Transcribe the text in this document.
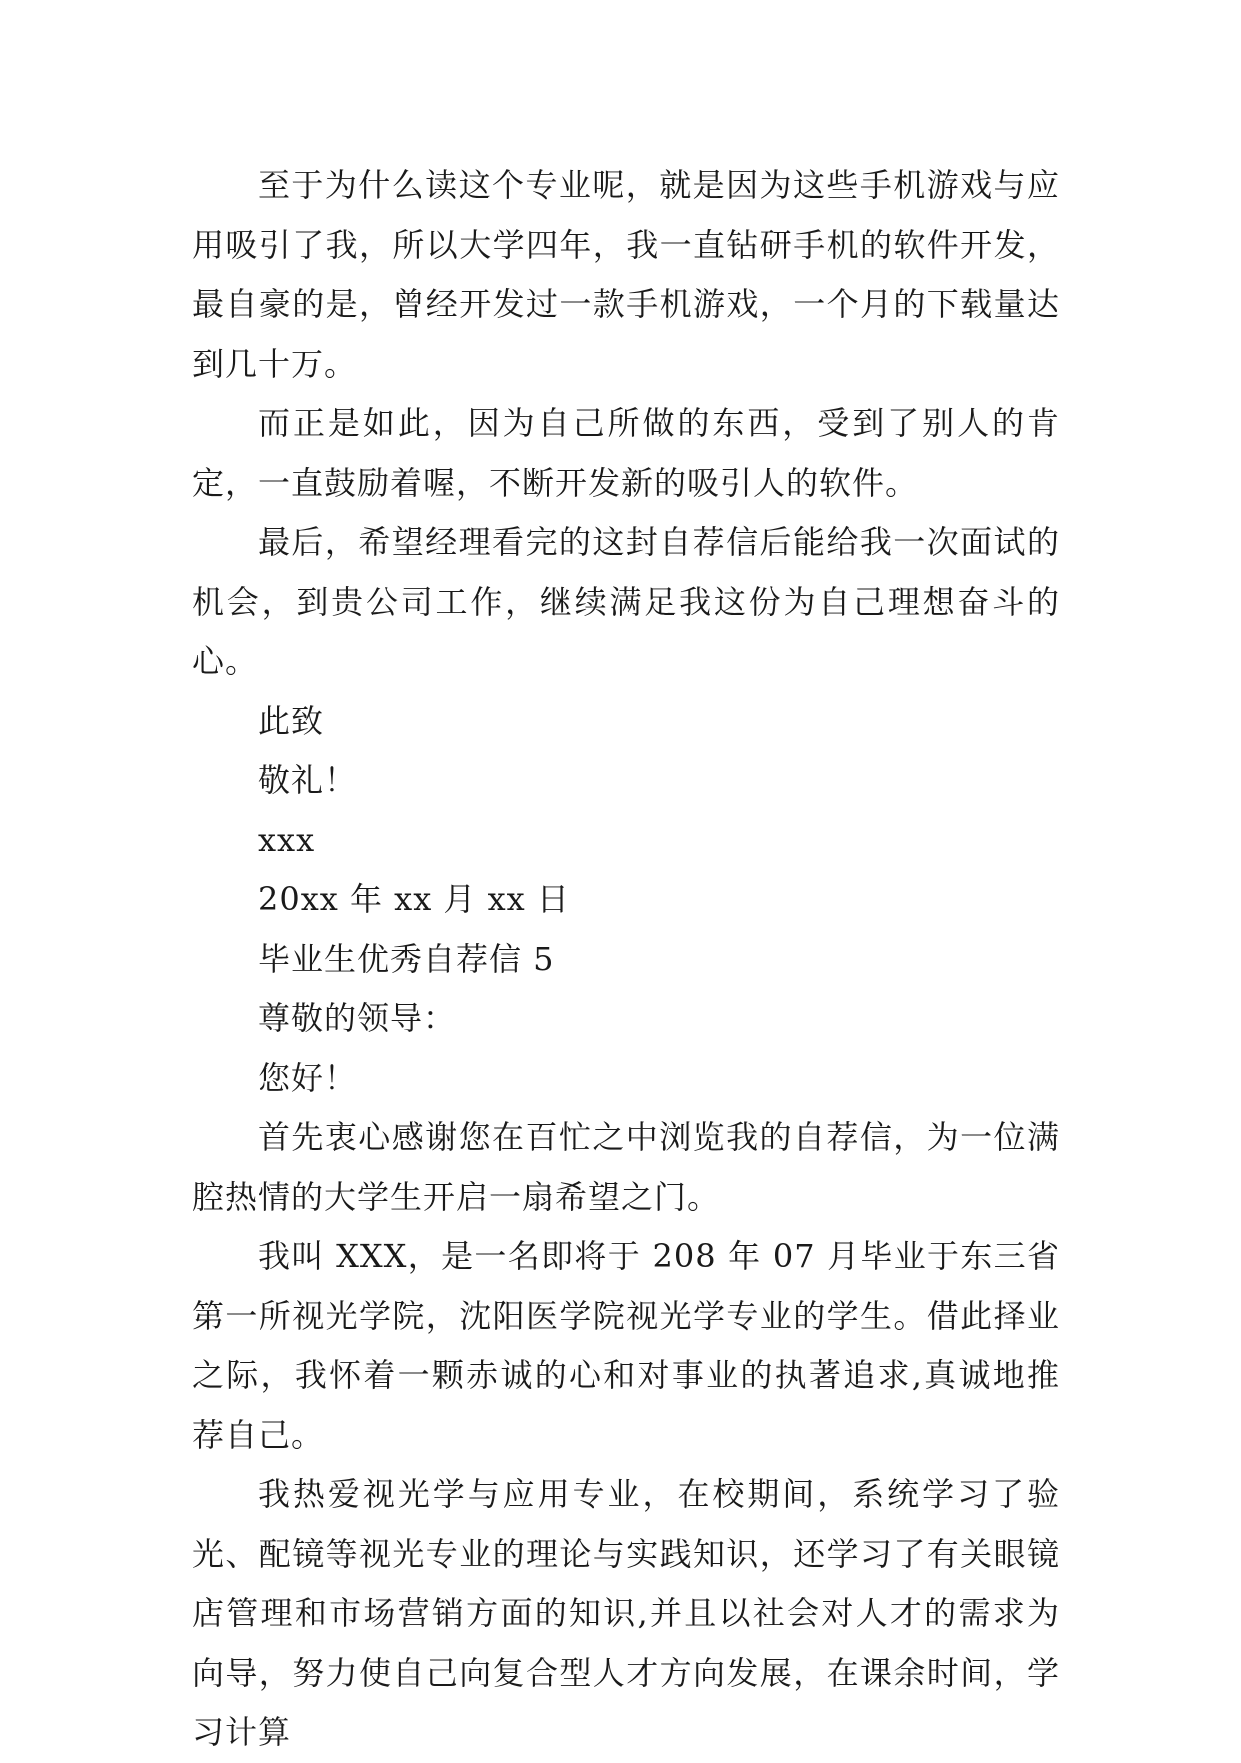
至于为什么读这个专业呢，就是因为这些手机游戏与应用吸引了我，所以大学四年，我一直钻研手机的软件开发，最自豪的是，曾经开发过一款手机游戏，一个月的下载量达到几十万。

而正是如此，因为自己所做的东西，受到了别人的肯定，一直鼓励着喔，不断开发新的吸引人的软件。

最后，希望经理看完的这封自荐信后能给我一次面试的机会，到贵公司工作，继续满足我这份为自己理想奋斗的心。

此致

敬礼！

xxx

20xx 年 xx 月 xx 日

毕业生优秀自荐信 5

尊敬的领导：

您好！

首先衷心感谢您在百忙之中浏览我的自荐信，为一位满腔热情的大学生开启一扇希望之门。

我叫 XXX，是一名即将于 208 年 07 月毕业于东三省第一所视光学院，沈阳医学院视光学专业的学生。借此择业之际，我怀着一颗赤诚的心和对事业的执著追求,真诚地推荐自己。

我热爱视光学与应用专业，在校期间，系统学习了验光、配镜等视光专业的理论与实践知识，还学习了有关眼镜店管理和市场营销方面的知识,并且以社会对人才的需求为向导，努力使自己向复合型人才方向发展，在课余时间，学习计算
